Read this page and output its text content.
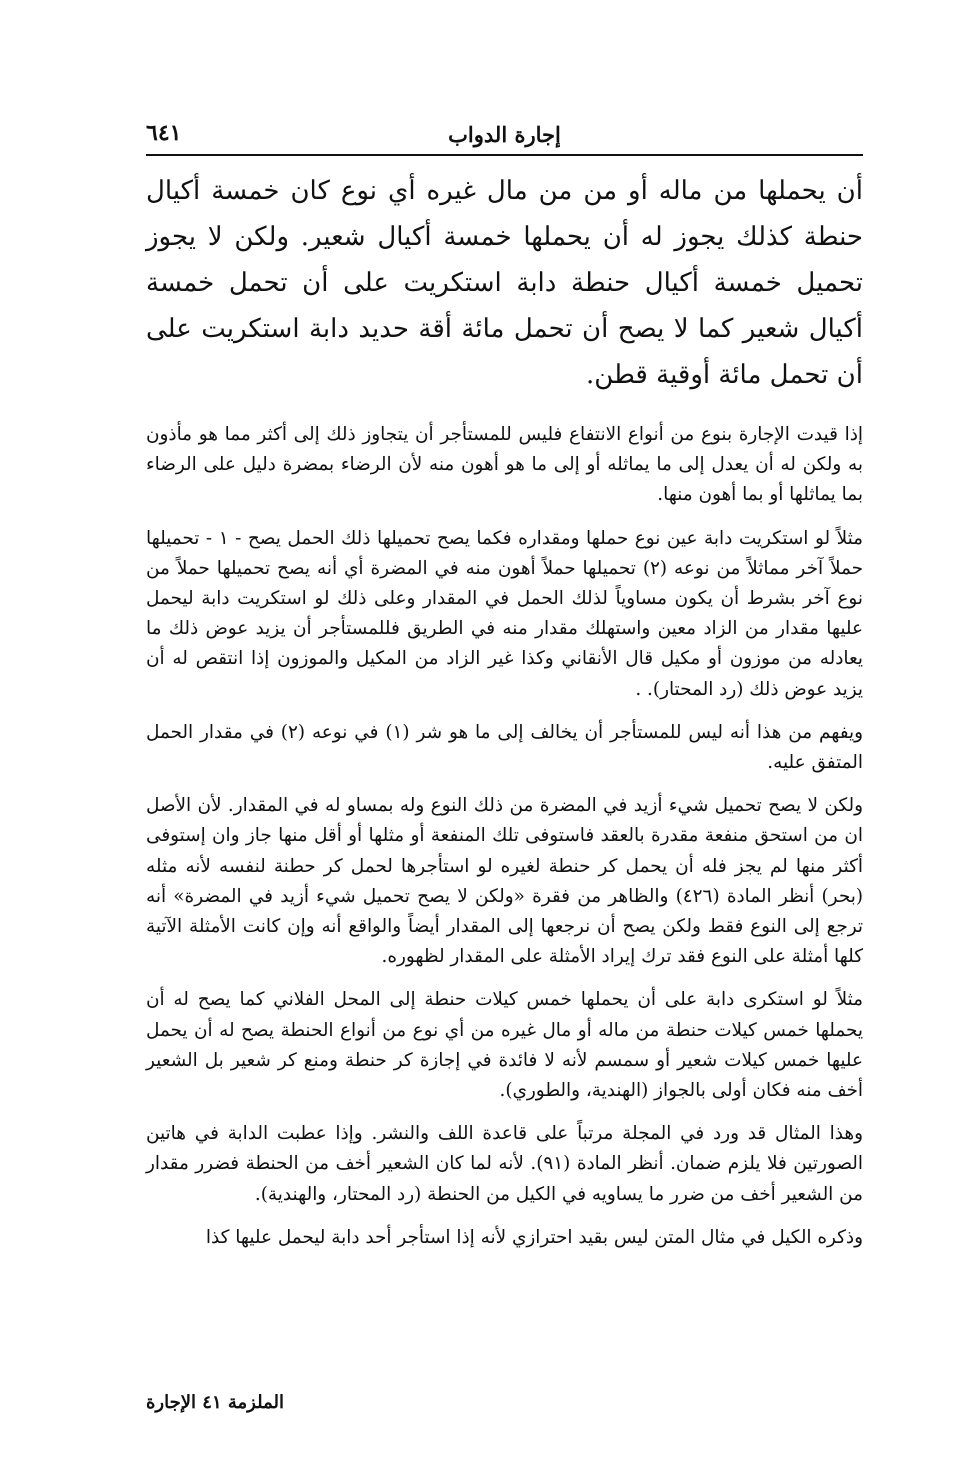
إجارة الدواب
٦٤١

أن يحملها من ماله أو من من مال غيره أي نوع كان خمسة أكيال حنطة كذلك يجوز له أن يحملها خمسة أكيال شعير. ولكن لا يجوز تحميل خمسة أكيال حنطة دابة استكريت على أن تحمل خمسة أكيال شعير كما لا يصح أن تحمل مائة أقة حديد دابة استكريت على أن تحمل مائة أوقية قطن.

إذا قيدت الإجارة بنوع من أنواع الانتفاع فليس للمستأجر أن يتجاوز ذلك إلى أكثر مما هو مأذون به ولكن له أن يعدل إلى ما يماثله أو إلى ما هو أهون منه لأن الرضاء بمضرة دليل على الرضاء بما يماثلها أو بما أهون منها.

مثلاً لو استكريت دابة عين نوع حملها ومقداره فكما يصح تحميلها ذلك الحمل يصح - ١ - تحميلها حملاً آخر مماثلاً من نوعه (٢) تحميلها حملاً أهون منه في المضرة أي أنه يصح تحميلها حملاً من نوع آخر بشرط أن يكون مساوياً لذلك الحمل في المقدار وعلى ذلك لو استكريت دابة ليحمل عليها مقدار من الزاد معين واستهلك مقدار منه في الطريق فللمستأجر أن يزيد عوض ذلك ما يعادله من موزون أو مكيل قال الأنقاني وكذا غير الزاد من المكيل والموزون إذا انتقص له أن يزيد عوض ذلك (رد المحتار). .

ويفهم من هذا أنه ليس للمستأجر أن يخالف إلى ما هو شر (١) في نوعه (٢) في مقدار الحمل المتفق عليه.

ولكن لا يصح تحميل شيء أزيد في المضرة من ذلك النوع وله بمساو له في المقدار. لأن الأصل ان من استحق منفعة مقدرة بالعقد فاستوفى تلك المنفعة أو مثلها أو أقل منها جاز وان إستوفى أكثر منها لم يجز فله أن يحمل كر حنطة لغيره لو استأجرها لحمل كر حطنة لنفسه لأنه مثله (بحر) أنظر المادة (٤٢٦) والظاهر من فقرة «ولكن لا يصح تحميل شيء أزيد في المضرة» أنه ترجع إلى النوع فقط ولكن يصح أن نرجعها إلى المقدار أيضاً والواقع أنه وإن كانت الأمثلة الآتية كلها أمثلة على النوع فقد ترك إيراد الأمثلة على المقدار لظهوره.

مثلاً لو استكرى دابة على أن يحملها خمس كيلات حنطة إلى المحل الفلاني كما يصح له أن يحملها خمس كيلات حنطة من ماله أو مال غيره من أي نوع من أنواع الحنطة يصح له أن يحمل عليها خمس كيلات شعير أو سمسم لأنه لا فائدة في إجازة كر حنطة ومنع كر شعير بل الشعير أخف منه فكان أولى بالجواز (الهندية، والطوري).

وهذا المثال قد ورد في المجلة مرتباً على قاعدة اللف والنشر. وإذا عطبت الدابة في هاتين الصورتين فلا يلزم ضمان. أنظر المادة (٩١). لأنه لما كان الشعير أخف من الحنطة فضرر مقدار من الشعير أخف من ضرر ما يساويه في الكيل من الحنطة (رد المحتار، والهندية).

وذكره الكيل في مثال المتن ليس بقيد احترازي لأنه إذا استأجر أحد دابة ليحمل عليها كذا

الملزمة ٤١ الإجارة
